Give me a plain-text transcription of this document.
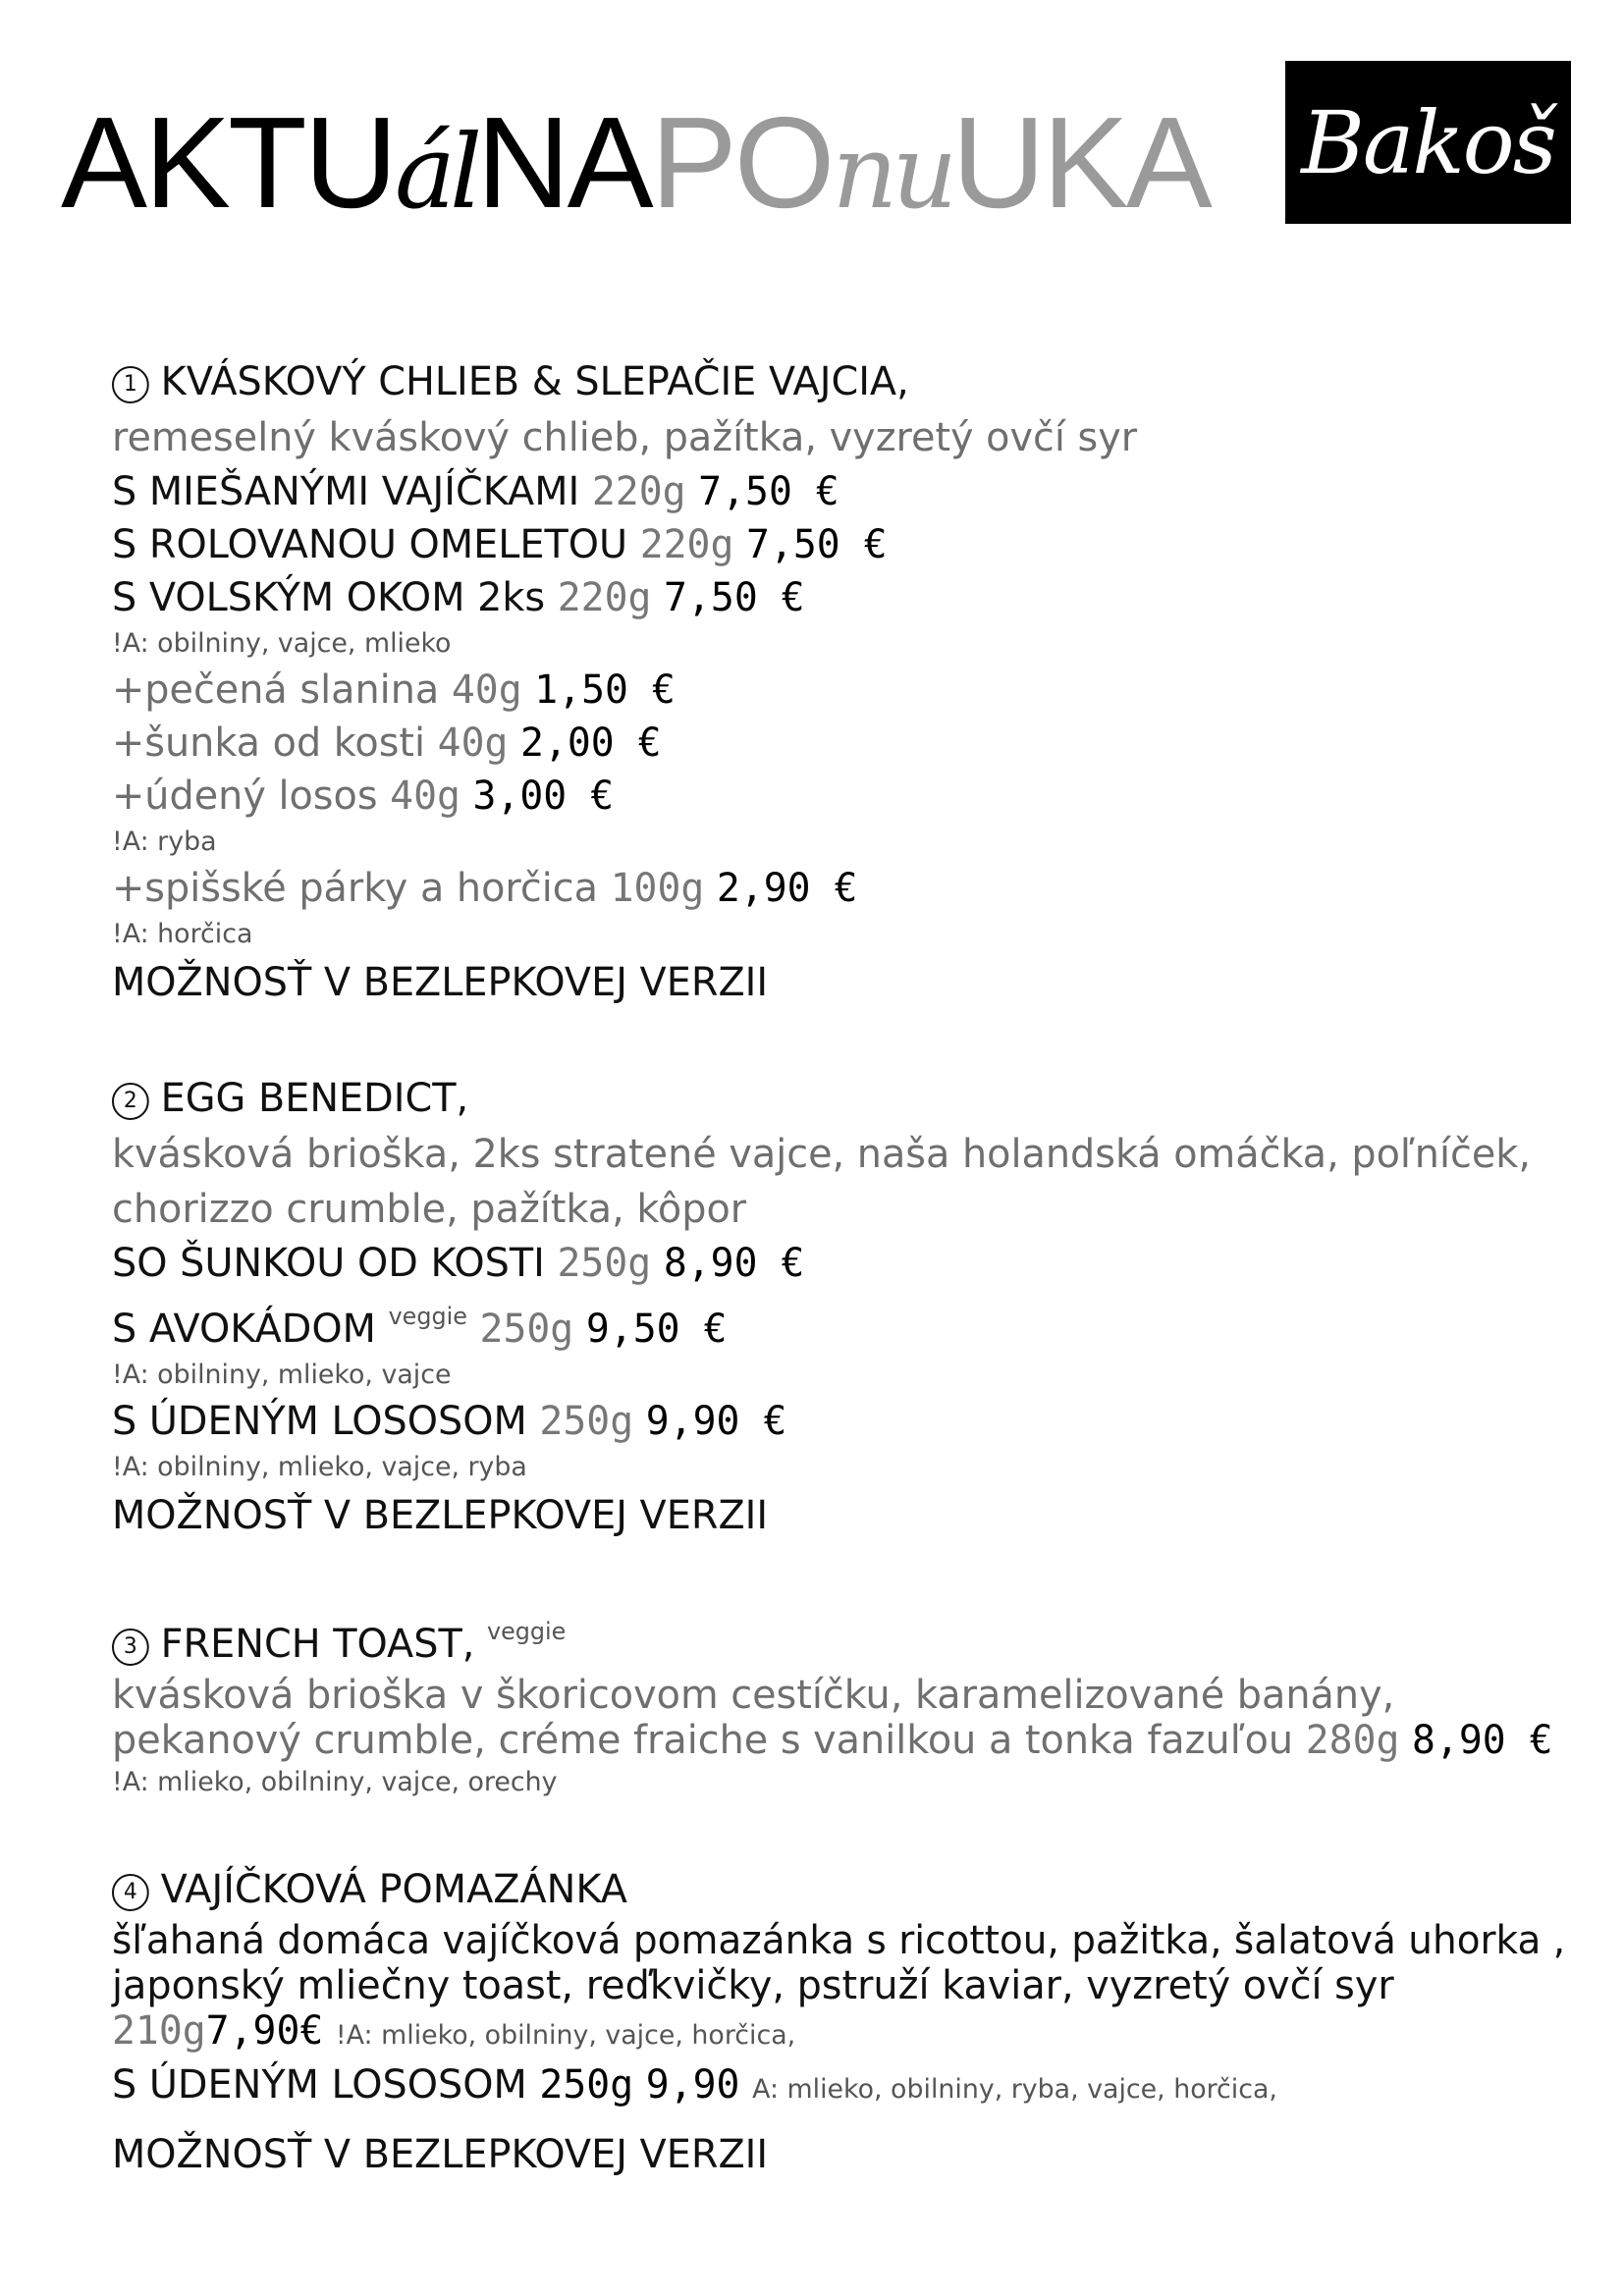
AKTUálNAPOnuUKA Bakoš
1 KVÁSKOVÝ CHLIEB & SLEPAČIE VAJCIA,
remeselný kváskový chlieb, pažítka, vyzretý ovčí syr
S MIEŠANÝMI VAJÍČKAMI 220g 7,50 €
S ROLOVANOU OMELETOU 220g 7,50 €
S VOLSKÝM OKOM 2ks 220g 7,50 €
!A: obilniny, vajce, mlieko
+pečená slanina 40g 1,50 €
+šunka od kosti 40g 2,00 €
+údený losos 40g 3,00 €
!A: ryba
+spišské párky a horčica 100g 2,90 €
!A: horčica
MOŽNOSŤ V BEZLEPKOVEJ VERZII
2 EGG BENEDICT,
kvásková brioška, 2ks stratené vajce, naša holandská omáčka, poľníček,
chorizzo crumble, pažítka, kôpor
SO ŠUNKOU OD KOSTI 250g 8,90 €
S AVOKÁDOM $^{veggie}$ 250g 9,50 €
!A: obilniny, mlieko, vajce
S ÚDENÝM LOSOSOM 250g 9,90 €
!A: obilniny, mlieko, vajce, ryba
MOŽNOSŤ V BEZLEPKOVEJ VERZII
3 FRENCH TOAST, $^{veggie}$
kvásková brioška v škoricovom cestíčku, karamelizované banány,
pekanový crumble, créme fraiche s vanilkou a tonka fazuľou 280g 8,90 €
!A: mlieko, obilniny, vajce, orechy
4 VAJÍČKOVÁ POMAZÁNKA
šľahaná domáca vajíčková pomazánka s ricottou, pažitka, šalatová uhorka ,
japonský mliečny toast, reďkvičky, pstruží kaviar, vyzretý ovčí syr
210g7,90€ !A: mlieko, obilniny, vajce, horčica,
S ÚDENÝM LOSOSOM 250g 9,90 A: mlieko, obilniny, ryba, vajce, horčica,
MOŽNOSŤ V BEZLEPKOVEJ VERZII
